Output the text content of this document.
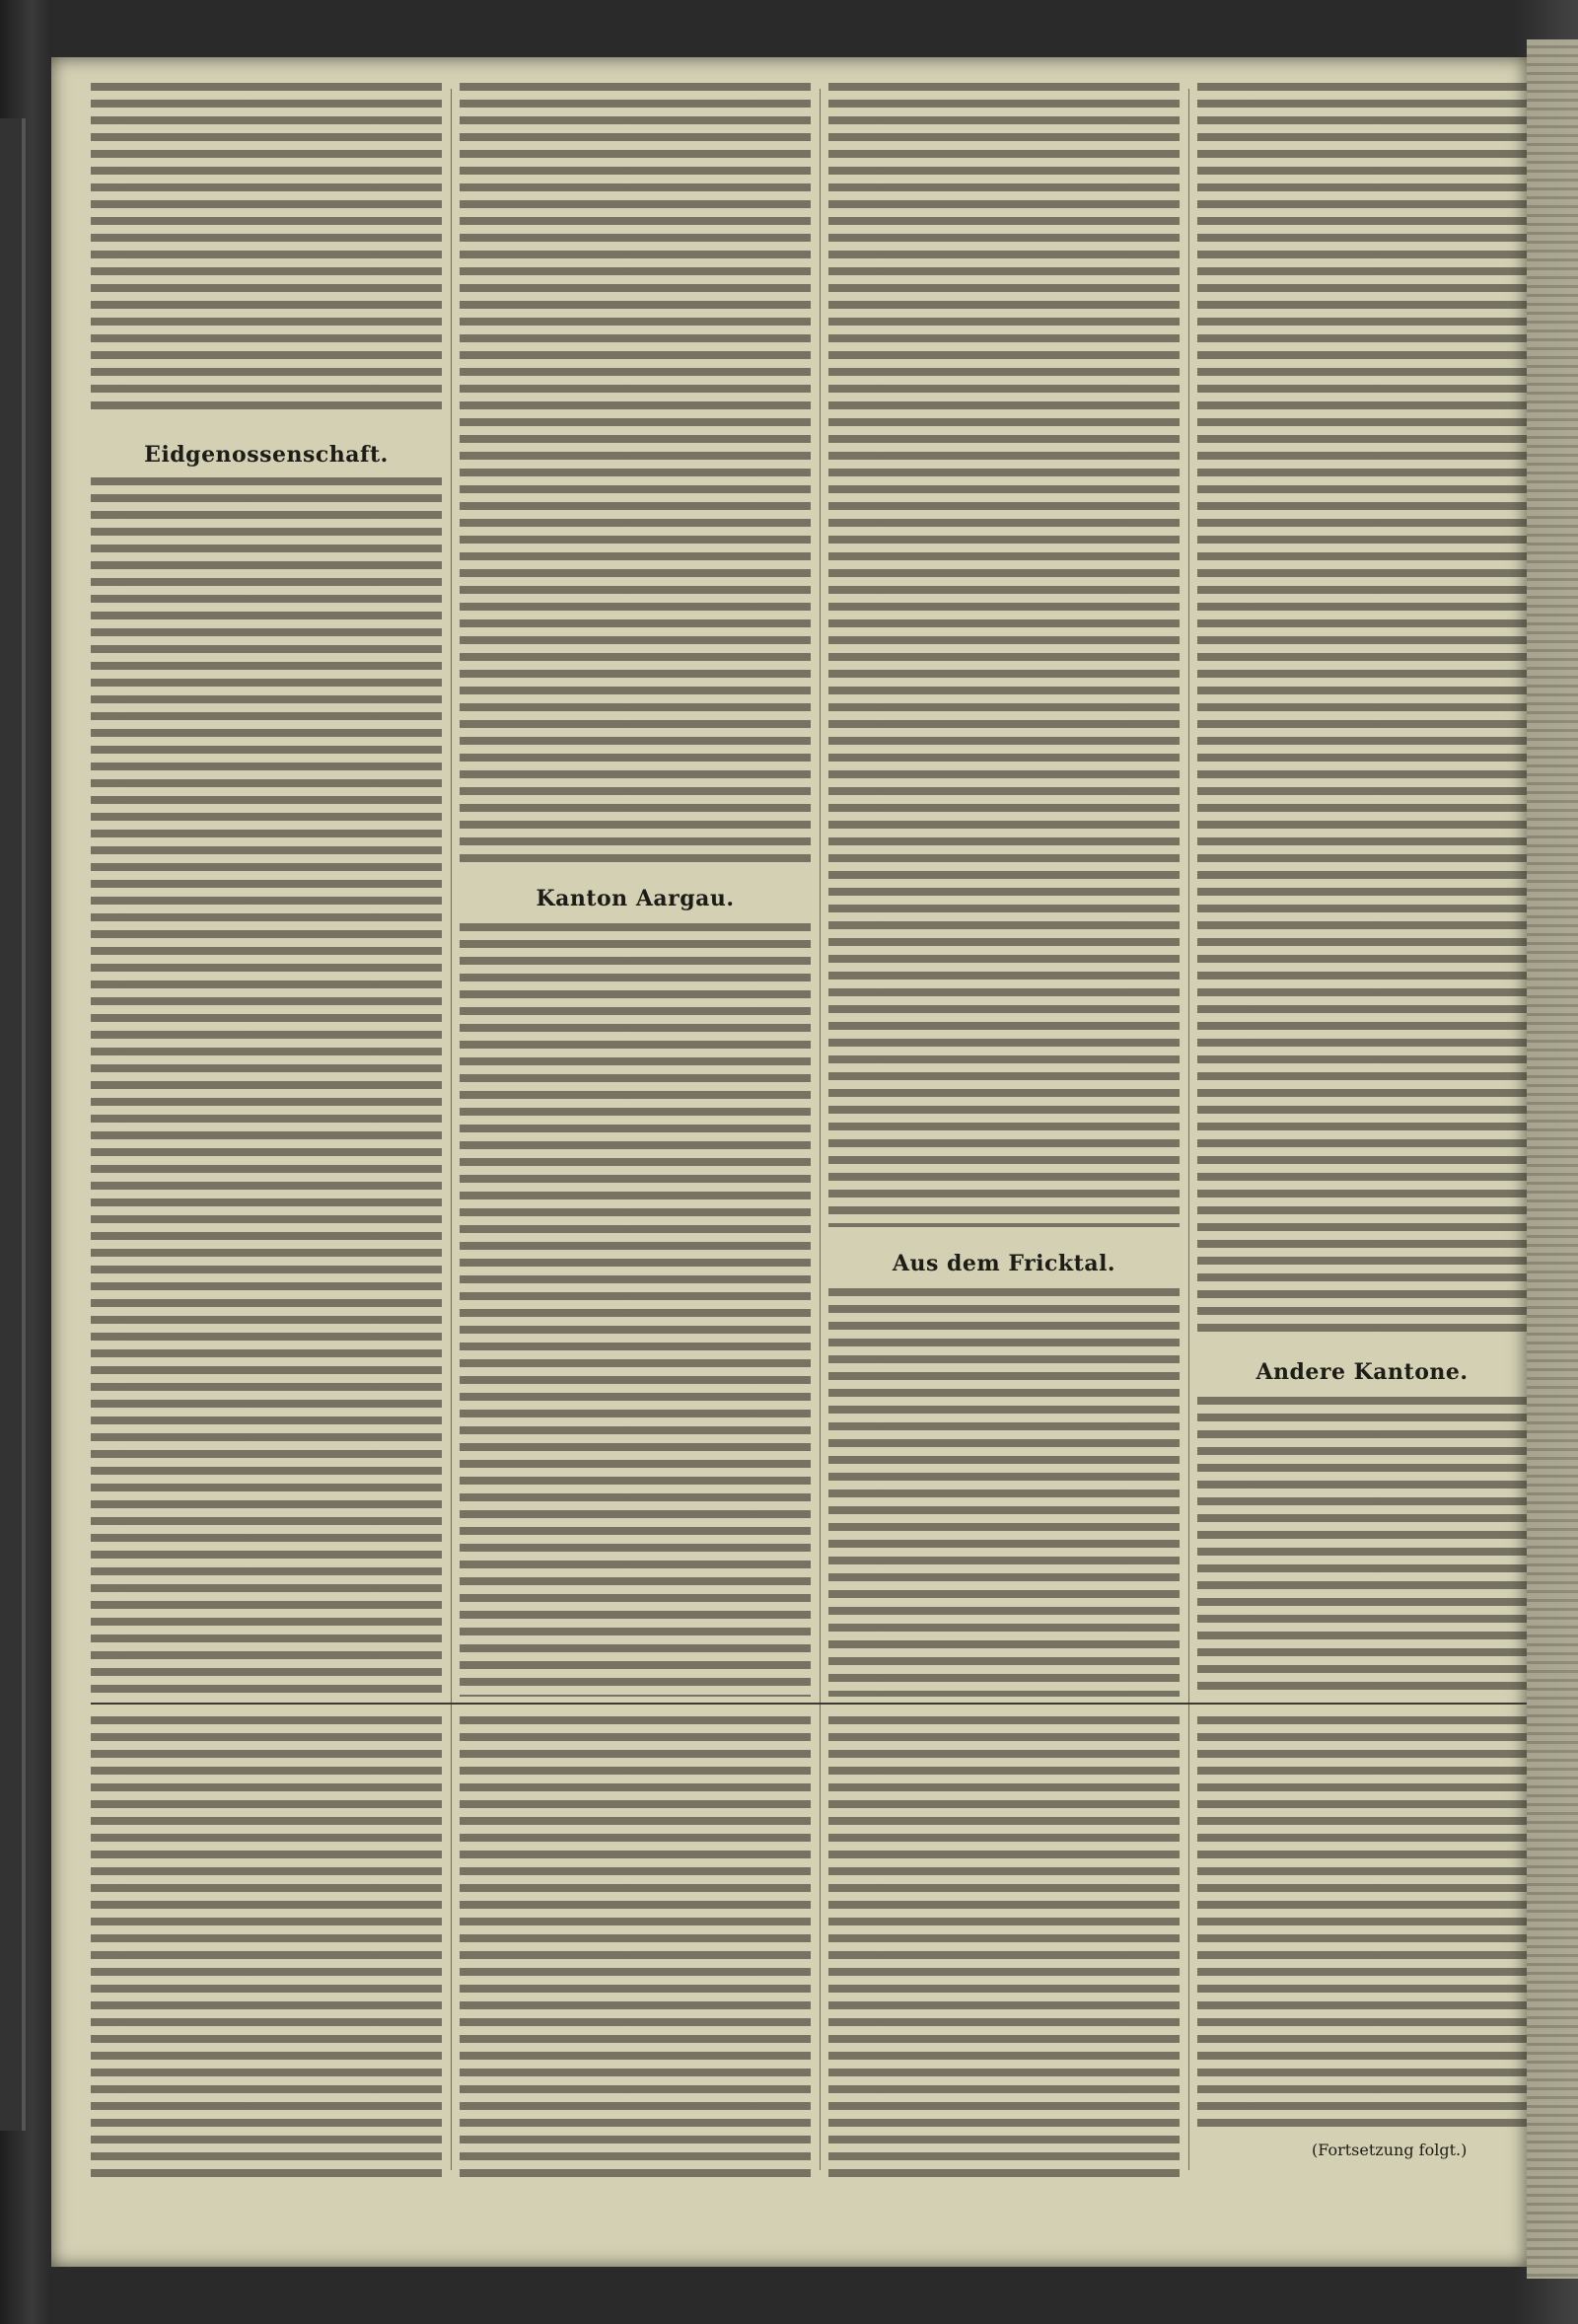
Eidgenossenschaft.

Kanton Aargau.

Aus dem Fricktal.

Andere Kantone.

(Fortsetzung folgt.)
